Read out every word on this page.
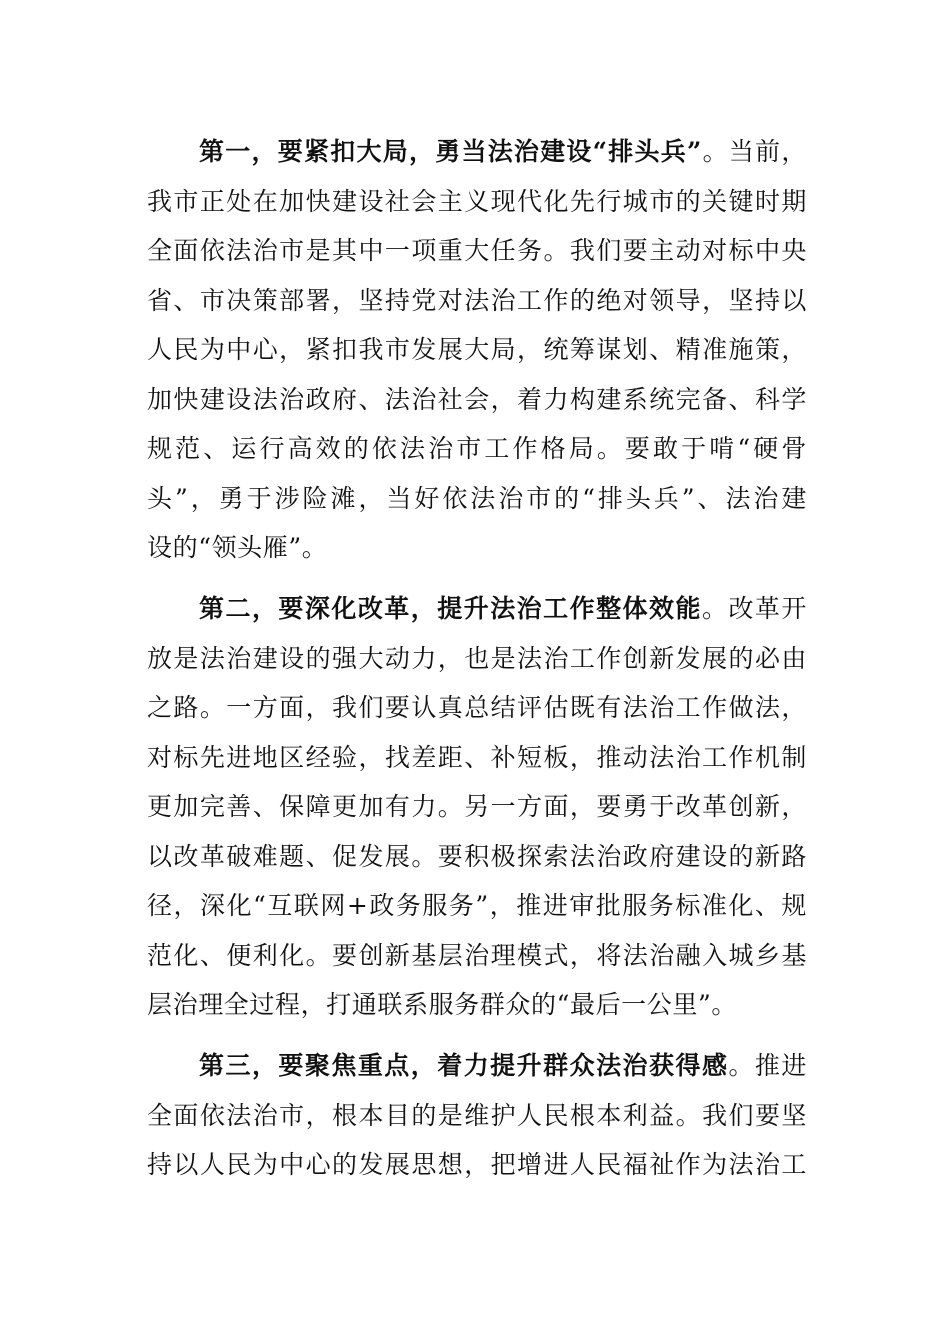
第一，要紧扣大局，勇当法治建设“排头兵”。当前，
我市正处在加快建设社会主义现代化先行城市的关键时期
全面依法治市是其中一项重大任务。我们要主动对标中央
省、市决策部署，坚持党对法治工作的绝对领导，坚持以
人民为中心，紧扣我市发展大局，统筹谋划、精准施策，
加快建设法治政府、法治社会，着力构建系统完备、科学
规范、运行高效的依法治市工作格局。要敢于啃“硬骨
头”，勇于涉险滩，当好依法治市的“排头兵”、法治建
设的“领头雁”。
第二，要深化改革，提升法治工作整体效能。改革开
放是法治建设的强大动力，也是法治工作创新发展的必由
之路。一方面，我们要认真总结评估既有法治工作做法，
对标先进地区经验，找差距、补短板，推动法治工作机制
更加完善、保障更加有力。另一方面，要勇于改革创新，
以改革破难题、促发展。要积极探索法治政府建设的新路
径，深化“互联网+政务服务”，推进审批服务标准化、规
范化、便利化。要创新基层治理模式，将法治融入城乡基
层治理全过程，打通联系服务群众的“最后一公里”。
第三，要聚焦重点，着力提升群众法治获得感。推进
全面依法治市，根本目的是维护人民根本利益。我们要坚
持以人民为中心的发展思想，把增进人民福祉作为法治工
